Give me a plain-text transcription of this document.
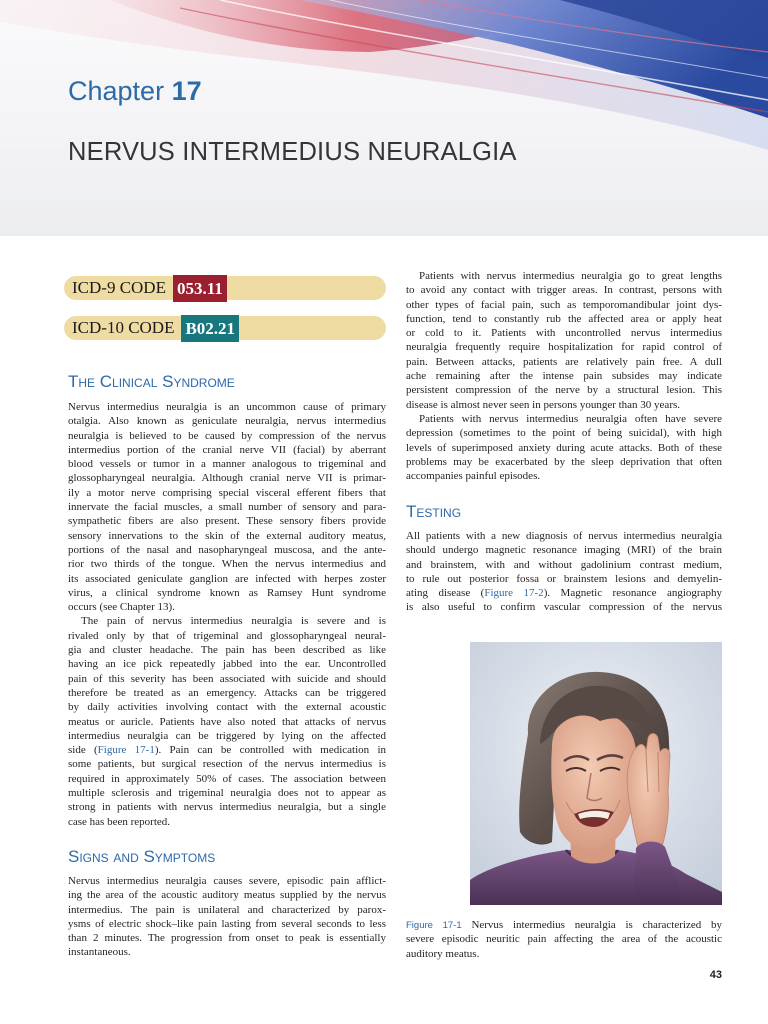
Chapter 17
NERVUS INTERMEDIUS NEURALGIA
ICD-9 CODE 053.11
ICD-10 CODE B02.21
The Clinical Syndrome
Nervus intermedius neuralgia is an uncommon cause of primary
otalgia. Also known as geniculate neuralgia, nervus intermedius
neuralgia is believed to be caused by compression of the nervus
intermedius portion of the cranial nerve VII (facial) by aberrant
blood vessels or tumor in a manner analogous to trigeminal and
glossopharyngeal neuralgia. Although cranial nerve VII is primar-
ily a motor nerve comprising special visceral efferent fibers that
innervate the facial muscles, a small number of sensory and para-
sympathetic fibers are also present. These sensory fibers provide
sensory innervations to the skin of the external auditory meatus,
portions of the nasal and nasopharyngeal muscosa, and the ante-
rior two thirds of the tongue. When the nervus intermedius and
its associated geniculate ganglion are infected with herpes zoster
virus, a clinical syndrome known as Ramsey Hunt syndrome
occurs (see Chapter 13).
The pain of nervus intermedius neuralgia is severe and is
rivaled only by that of trigeminal and glossopharyngeal neural-
gia and cluster headache. The pain has been described as like
having an ice pick repeatedly jabbed into the ear. Uncontrolled
pain of this severity has been associated with suicide and should
therefore be treated as an emergency. Attacks can be triggered
by daily activities involving contact with the external acoustic
meatus or auricle. Patients have also noted that attacks of nervus
intermedius neuralgia can be triggered by lying on the affected
side (Figure 17-1). Pain can be controlled with medication in
some patients, but surgical resection of the nervus intermedius is
required in approximately 50% of cases. The association between
multiple sclerosis and trigeminal neuralgia does not to appear as
strong in patients with nervus intermedius neuralgia, but a single
case has been reported.
Signs and Symptoms
Nervus intermedius neuralgia causes severe, episodic pain afflict-
ing the area of the acoustic auditory meatus supplied by the nervus
intermedius. The pain is unilateral and characterized by parox-
ysms of electric shock–like pain lasting from several seconds to less
than 2 minutes. The progression from onset to peak is essentially
instantaneous.
Patients with nervus intermedius neuralgia go to great lengths
to avoid any contact with trigger areas. In contrast, persons with
other types of facial pain, such as temporomandibular joint dys-
function, tend to constantly rub the affected area or apply heat
or cold to it. Patients with uncontrolled nervus intermedius
neuralgia frequently require hospitalization for rapid control of
pain. Between attacks, patients are relatively pain free. A dull
ache remaining after the intense pain subsides may indicate
persistent compression of the nerve by a structural lesion. This
disease is almost never seen in persons younger than 30 years.
Patients with nervus intermedius neuralgia often have severe
depression (sometimes to the point of being suicidal), with high
levels of superimposed anxiety during acute attacks. Both of these
problems may be exacerbated by the sleep deprivation that often
accompanies painful episodes.
Testing
All patients with a new diagnosis of nervus intermedius neuralgia
should undergo magnetic resonance imaging (MRI) of the brain
and brainstem, with and without gadolinium contrast medium,
to rule out posterior fossa or brainstem lesions and demyelin-
ating disease (Figure 17-2). Magnetic resonance angiography
is also useful to confirm vascular compression of the nervus
Figure 17-1 Nervus intermedius neuralgia is characterized by
severe episodic neuritic pain affecting the area of the acoustic
auditory meatus.
43
